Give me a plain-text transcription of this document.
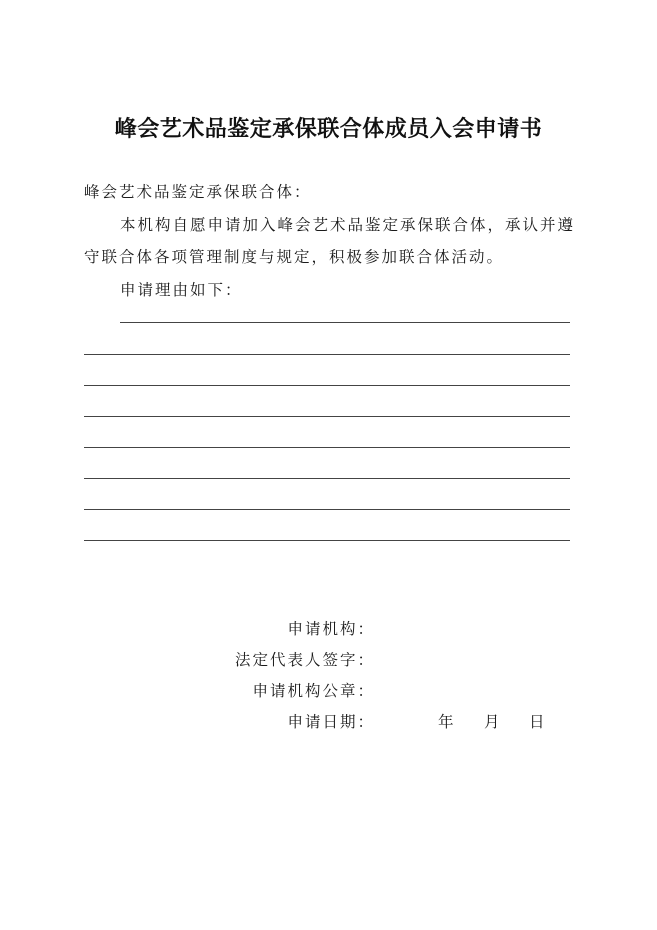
峰会艺术品鉴定承保联合体成员入会申请书
峰会艺术品鉴定承保联合体：
本机构自愿申请加入峰会艺术品鉴定承保联合体，承认并遵
守联合体各项管理制度与规定，积极参加联合体活动。
申请理由如下：
申请机构：
法定代表人签字：
申请机构公章：
申请日期：	年 月 日
